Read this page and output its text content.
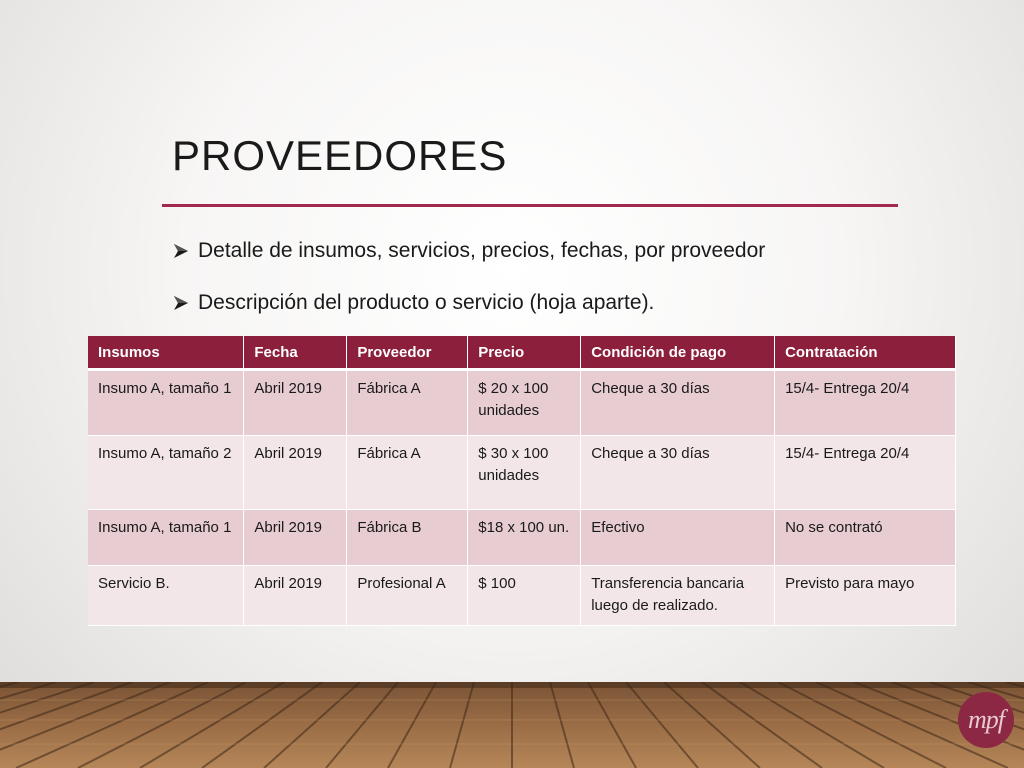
PROVEEDORES
Detalle de insumos, servicios, precios, fechas, por proveedor
Descripción del producto o servicio (hoja aparte).
Insumos	Fecha	Proveedor	Precio	Condición de pago	Contratación
Insumo A, tamaño 1	Abril 2019	Fábrica A	$ 20 x 100 unidades	Cheque a 30 días	15/4- Entrega 20/4
Insumo A, tamaño 2	Abril 2019	Fábrica A	$ 30 x 100 unidades	Cheque a 30 días	15/4- Entrega 20/4
Insumo A, tamaño 1	Abril 2019	Fábrica B	$18 x 100 un.	Efectivo	No se contrató
Servicio B.	Abril 2019	Profesional A	$ 100	Transferencia bancaria luego de realizado.	Previsto para mayo
mpf
